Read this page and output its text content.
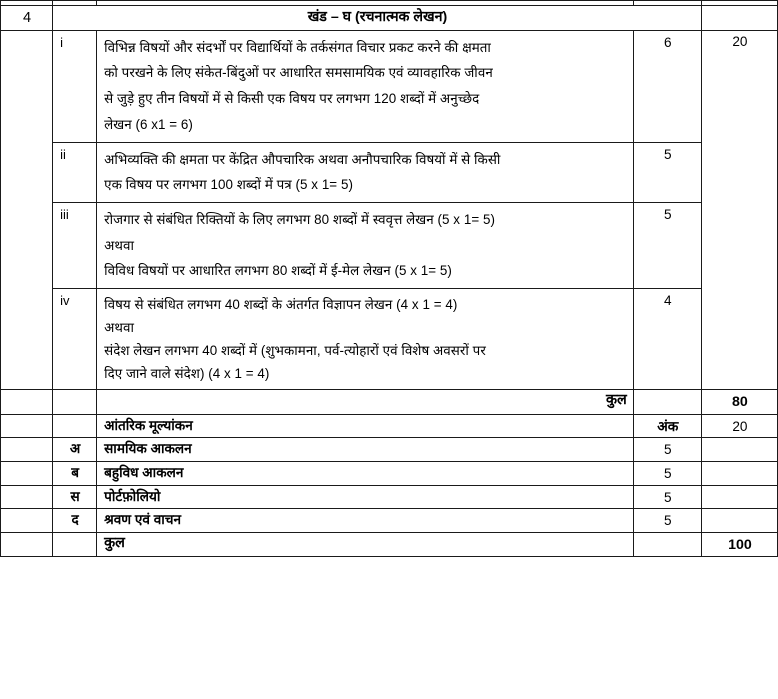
4	खंड – घ (रचनात्मक लेखन)			

	i	विभिन्न विषयों और संदर्भों पर विद्यार्थियों के तर्कसंगत विचार प्रकट करने की क्षमता
को परखने के लिए संकेत-बिंदुओं पर आधारित समसामयिक एवं व्यावहारिक जीवन
से जुड़े हुए तीन विषयों में से किसी एक विषय पर लगभग 120 शब्दों में अनुच्छेद
लेखन (6 x1 = 6)	6	20

	ii	अभिव्यक्ति की क्षमता पर केंद्रित औपचारिक अथवा अनौपचारिक विषयों में से किसी
एक विषय पर लगभग 100 शब्दों में पत्र (5 x 1= 5)	5	

	iii	रोजगार से संबंधित रिक्तियों के लिए लगभग 80 शब्दों में स्ववृत्त लेखन (5 x 1= 5)
अथवा
विविध विषयों पर आधारित लगभग 80 शब्दों में ई-मेल लेखन (5 x 1= 5)	5	

	iv	विषय से संबंधित लगभग 40 शब्दों के अंतर्गत विज्ञापन लेखन (4 x 1 = 4)
अथवा
संदेश लेखन लगभग 40 शब्दों में (शुभकामना, पर्व-त्योहारों एवं विशेष अवसरों पर
दिए जाने वाले संदेश) (4 x 1 = 4)	4	

		कुल		80

		आंतरिक मूल्यांकन	अंक	20

	अ	सामयिक आकलन	5	

	ब	बहुविध आकलन	5	

	स	पोर्टफ़ोलियो	5	

	द	श्रवण एवं वाचन	5	

		कुल		100
